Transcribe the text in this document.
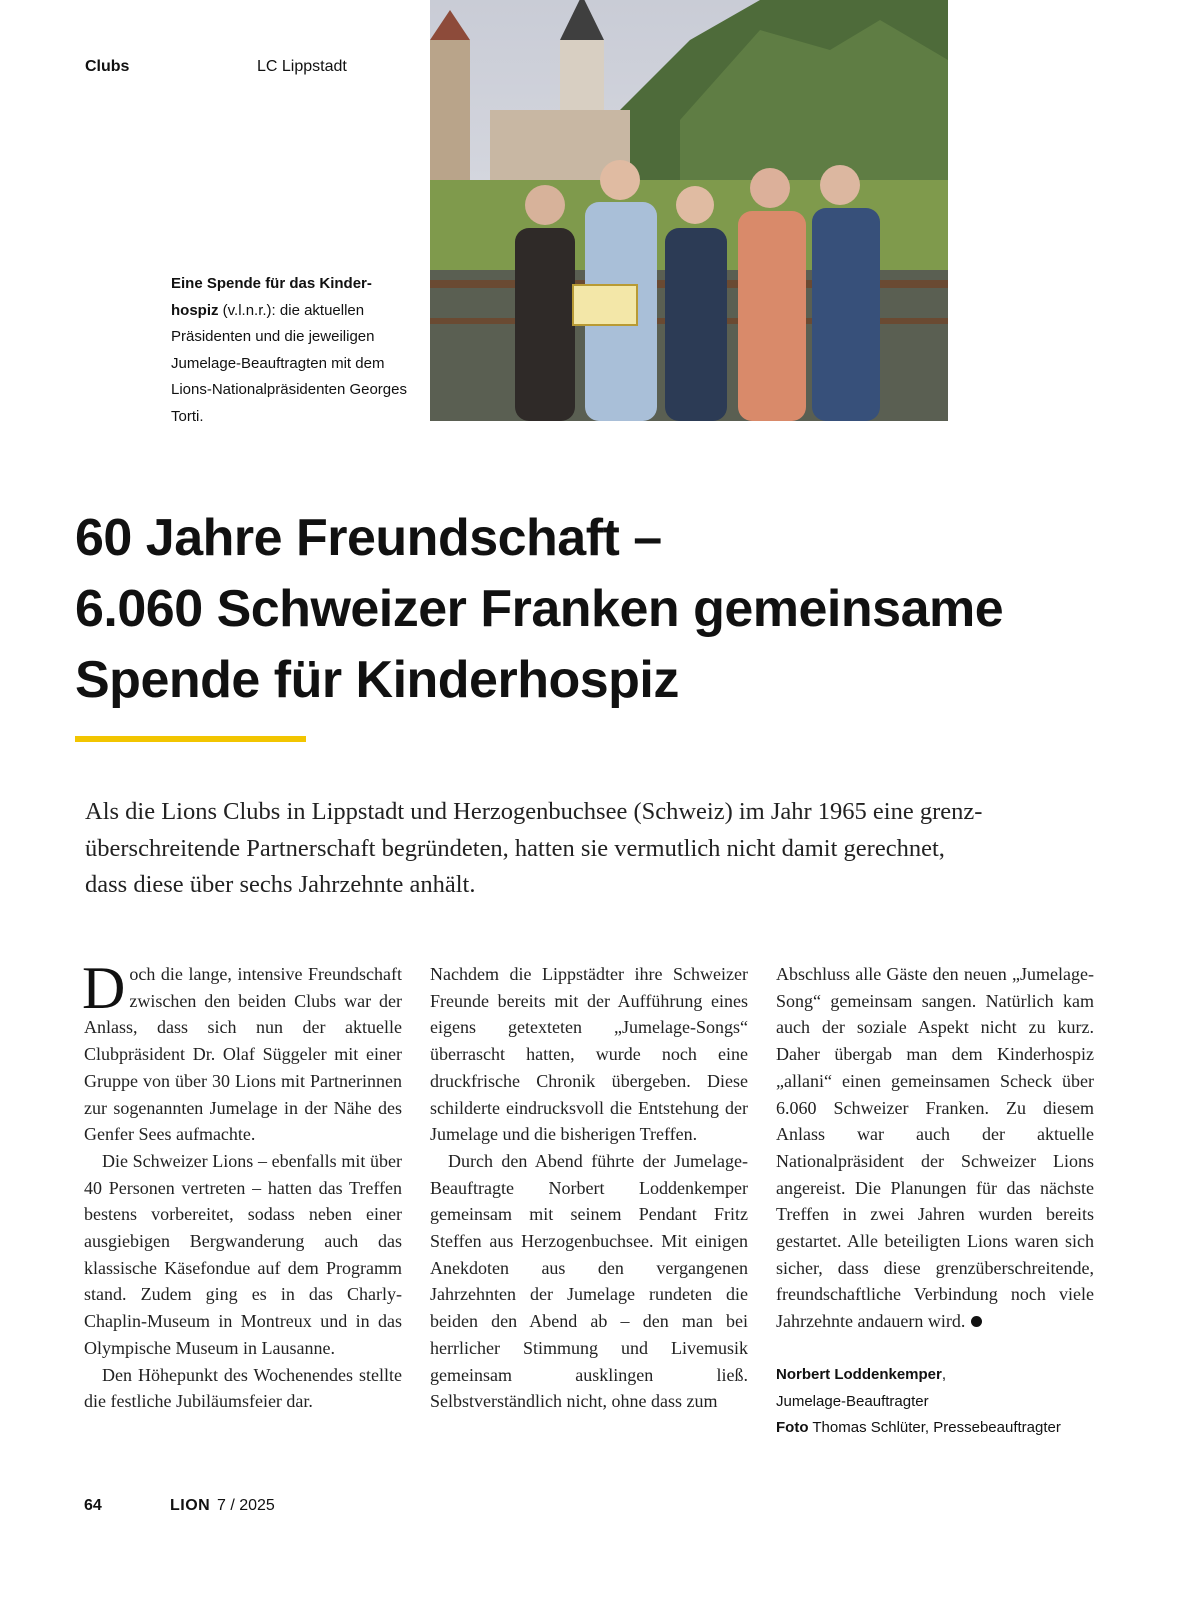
Clubs	LC Lippstadt
Eine Spende für das Kinder-hospiz (v.l.n.r.): die aktuellen Präsidenten und die jeweiligen Jumelage-Beauftragten mit dem Lions-Nationalpräsidenten Georges Torti.
60 Jahre Freundschaft –
6.060 Schweizer Franken gemeinsame
Spende für Kinderhospiz
Als die Lions Clubs in Lippstadt und Herzogenbuchsee (Schweiz) im Jahr 1965 eine grenz-
überschreitende Partnerschaft begründeten, hatten sie vermutlich nicht damit gerechnet,
dass diese über sechs Jahrzehnte anhält.

Doch die lange, intensive Freundschaft zwischen den beiden Clubs war der Anlass, dass sich nun der aktuelle Clubpräsident Dr. Olaf Süggeler mit einer Gruppe von über 30 Lions mit Partnerinnen zur sogenannten Jumelage in der Nähe des Genfer Sees aufmachte.

Die Schweizer Lions – ebenfalls mit über 40 Personen vertreten – hatten das Treffen bestens vorbereitet, sodass neben einer ausgiebigen Bergwanderung auch das klassische Käsefondue auf dem Programm stand. Zudem ging es in das Charly-Chaplin-Museum in Montreux und in das Olympische Museum in Lausanne.

Den Höhepunkt des Wochenendes stellte die festliche Jubiläumsfeier dar.

Nachdem die Lippstädter ihre Schweizer Freunde bereits mit der Aufführung eines eigens getexteten „Jumelage-Songs“ überrascht hatten, wurde noch eine druckfrische Chronik übergeben. Diese schilderte eindrucksvoll die Entstehung der Jumelage und die bisherigen Treffen.

Durch den Abend führte der Jumelage-Beauftragte Norbert Loddenkemper gemeinsam mit seinem Pendant Fritz Steffen aus Herzogenbuchsee. Mit einigen Anekdoten aus den vergangenen Jahrzehnten der Jumelage rundeten die beiden den Abend ab – den man bei herrlicher Stimmung und Livemusik gemeinsam ausklingen ließ. Selbstverständlich nicht, ohne dass zum

Abschluss alle Gäste den neuen „Jumelage-Song“ gemeinsam sangen. Natürlich kam auch der soziale Aspekt nicht zu kurz. Daher übergab man dem Kinderhospiz „allani“ einen gemeinsamen Scheck über 6.060 Schweizer Franken. Zu diesem Anlass war auch der aktuelle Nationalpräsident der Schweizer Lions angereist. Die Planungen für das nächste Treffen in zwei Jahren wurden bereits gestartet. Alle beteiligten Lions waren sich sicher, dass diese grenzüberschreitende, freundschaftliche Verbindung noch viele Jahrzehnte andauern wird.

Norbert Loddenkemper,
Jumelage-Beauftragter
Foto Thomas Schlüter, Pressebeauftragter
64	LION 7 / 2025
